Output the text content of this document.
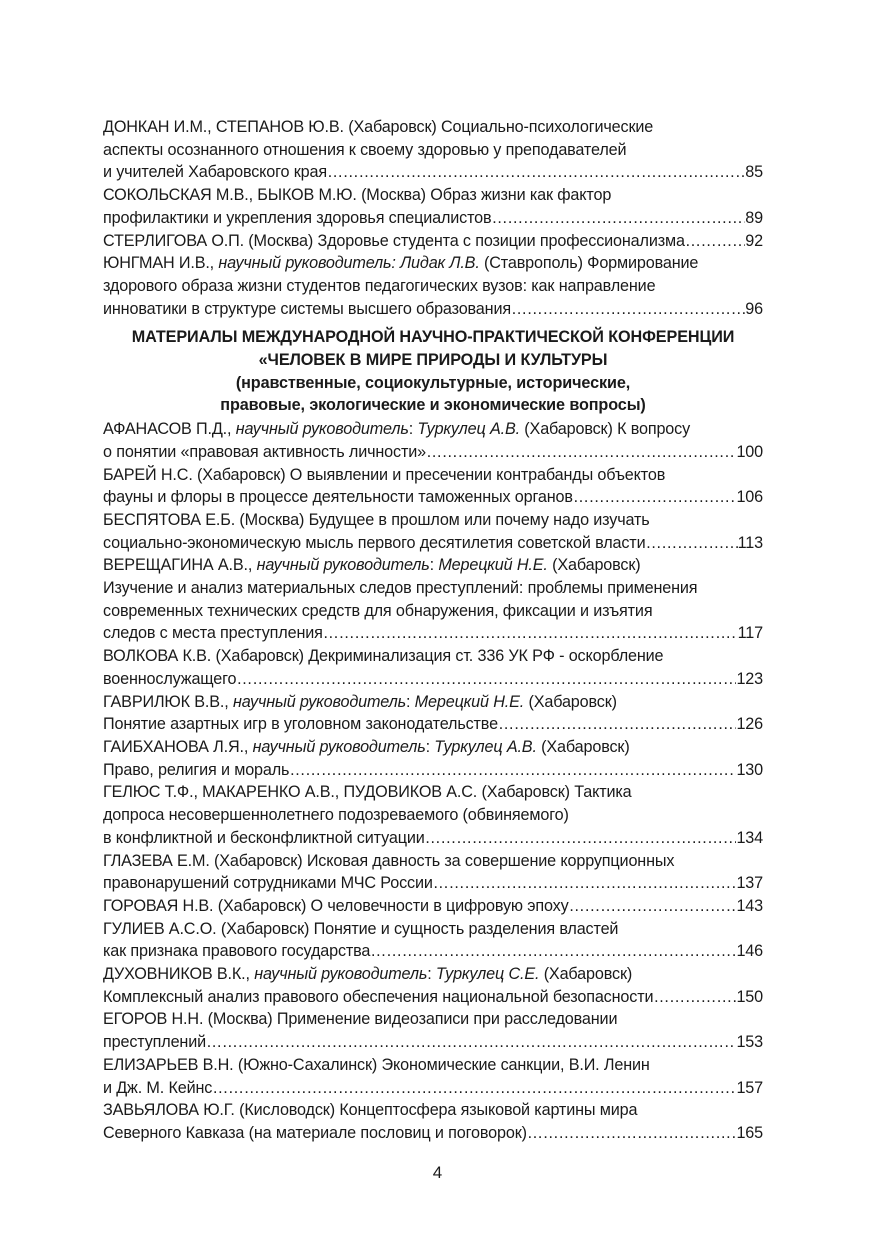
ДОНКАН И.М., СТЕПАНОВ Ю.В. (Хабаровск) Социально-психологические
аспекты осознанного отношения к своему здоровью у преподавателей
и учителей Хабаровского края ………………………………………………………………………………………………………………………………………………………………………………………………………………………	85
СОКОЛЬСКАЯ М.В., БЫКОВ М.Ю. (Москва) Образ жизни как фактор
профилактики и укрепления здоровья специалистов ………………………………………………………………………………………………………………………………………………………………………………………………………………………	89
СТЕРЛИГОВА О.П. (Москва) Здоровье студента с позиции профессионализма ………………………………………………………………………………………………………………………………………………………………………………………………………………………	92
ЮНГМАН И.В., научный руководитель: Лидак Л.В. (Ставрополь) Формирование
здорового образа жизни студентов педагогических вузов: как направление
инноватики в структуре системы высшего образования ………………………………………………………………………………………………………………………………………………………………………………………………………………………	96
МАТЕРИАЛЫ МЕЖДУНАРОДНОЙ НАУЧНО-ПРАКТИЧЕСКОЙ КОНФЕРЕНЦИИ
«ЧЕЛОВЕК В МИРЕ ПРИРОДЫ И КУЛЬТУРЫ
(нравственные, социокультурные, исторические,
правовые, экологические и экономические вопросы)
АФАНАСОВ П.Д., научный руководитель: Туркулец А.В. (Хабаровск) К вопросу
о понятии «правовая активность личности» ………………………………………………………………………………………………………………………………………………………………………………………………………………………	100
БАРЕЙ Н.С. (Хабаровск) О выявлении и пресечении контрабанды объектов
фауны и флоры в процессе деятельности таможенных органов ………………………………………………………………………………………………………………………………………………………………………………………………………………………	106
БЕСПЯТОВА Е.Б. (Москва) Будущее в прошлом или почему надо изучать
социально-экономическую мысль первого десятилетия советской власти ………………………………………………………………………………………………………………………………………………………………………………………………………………………	113
ВЕРЕЩАГИНА А.В., научный руководитель: Мерецкий Н.Е. (Хабаровск)
Изучение и анализ материальных следов преступлений: проблемы применения
современных технических средств для обнаружения, фиксации и изъятия
следов с места преступления ………………………………………………………………………………………………………………………………………………………………………………………………………………………	117
ВОЛКОВА К.В. (Хабаровск) Декриминализация ст. 336 УК РФ - оскорбление
военнослужащего ………………………………………………………………………………………………………………………………………………………………………………………………………………………	123
ГАВРИЛЮК В.В., научный руководитель: Мерецкий Н.Е. (Хабаровск)
Понятие азартных игр в уголовном законодательстве ………………………………………………………………………………………………………………………………………………………………………………………………………………………	126
ГАИБХАНОВА Л.Я., научный руководитель: Туркулец А.В. (Хабаровск)
Право, религия и мораль ………………………………………………………………………………………………………………………………………………………………………………………………………………………	130
ГЕЛЮС Т.Ф., МАКАРЕНКО А.В., ПУДОВИКОВ А.С. (Хабаровск) Тактика
допроса несовершеннолетнего подозреваемого (обвиняемого)
в конфликтной и бесконфликтной ситуации ………………………………………………………………………………………………………………………………………………………………………………………………………………………	134
ГЛАЗЕВА Е.М. (Хабаровск) Исковая давность за совершение коррупционных
правонарушений сотрудниками МЧС России ………………………………………………………………………………………………………………………………………………………………………………………………………………………	137
ГОРОВАЯ Н.В. (Хабаровск) О человечности в цифровую эпоху ………………………………………………………………………………………………………………………………………………………………………………………………………………………	143
ГУЛИЕВ А.С.О. (Хабаровск) Понятие и сущность разделения властей
как признака правового государства ………………………………………………………………………………………………………………………………………………………………………………………………………………………	146
ДУХОВНИКОВ В.К., научный руководитель: Туркулец С.Е. (Хабаровск)
Комплексный анализ правового обеспечения национальной безопасности ………………………………………………………………………………………………………………………………………………………………………………………………………………………	150
ЕГОРОВ Н.Н. (Москва) Применение видеозаписи при расследовании
преступлений ………………………………………………………………………………………………………………………………………………………………………………………………………………………	153
ЕЛИЗАРЬЕВ В.Н. (Южно-Сахалинск) Экономические санкции, В.И. Ленин
и Дж. М. Кейнс ………………………………………………………………………………………………………………………………………………………………………………………………………………………	157
ЗАВЬЯЛОВА Ю.Г. (Кисловодск) Концептосфера языковой картины мира
Северного Кавказа (на материале пословиц и поговорок) ………………………………………………………………………………………………………………………………………………………………………………………………………………………	165
4
